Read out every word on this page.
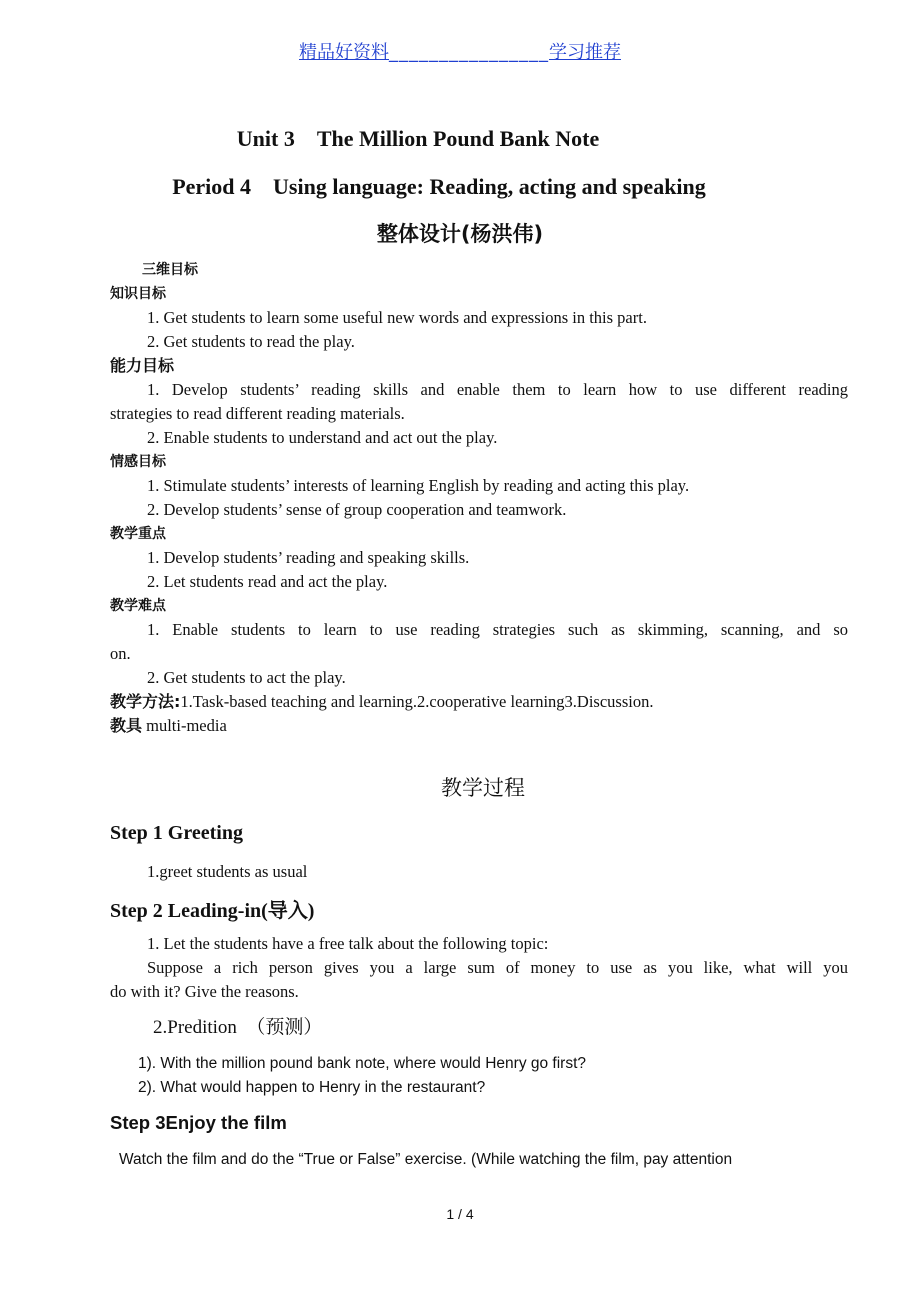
精品好资料________________学习推荐
Unit 3　The Million Pound Bank Note
Period 4　Using language: Reading, acting and speaking
整体设计(杨洪伟)
三维目标
知识目标
1. Get students to learn some useful new words and expressions in this part.
2. Get students to read the play.
能力目标
1. Develop students’ reading skills and enable them to learn how to use different reading
strategies to read different reading materials.
2. Enable students to understand and act out the play.
情感目标
1. Stimulate students’ interests of learning English by reading and acting this play.
2. Develop students’ sense of group cooperation and teamwork.
教学重点
1. Develop students’ reading and speaking skills.
2. Let students read and act the play.
教学难点
1. Enable students to learn to use reading strategies such as skimming, scanning, and so
on.
2. Get students to act the play.
教学方法:1.Task-based teaching and learning.2.cooperative learning3.Discussion.
教具 multi-media
教学过程
Step 1 Greeting
1.greet students as usual
Step 2 Leading-in(导入)
1. Let the students have a free talk about the following topic:
Suppose a rich person gives you a large sum of money to use as you like, what will you
do with it? Give the reasons.
2.Predition　（预测）
1). With the million pound bank note, where would Henry go first?
2). What would happen to Henry in the restaurant?
Step 3Enjoy the film
Watch the film and do the “True or False” exercise. (While watching the film, pay attention
1 / 4
